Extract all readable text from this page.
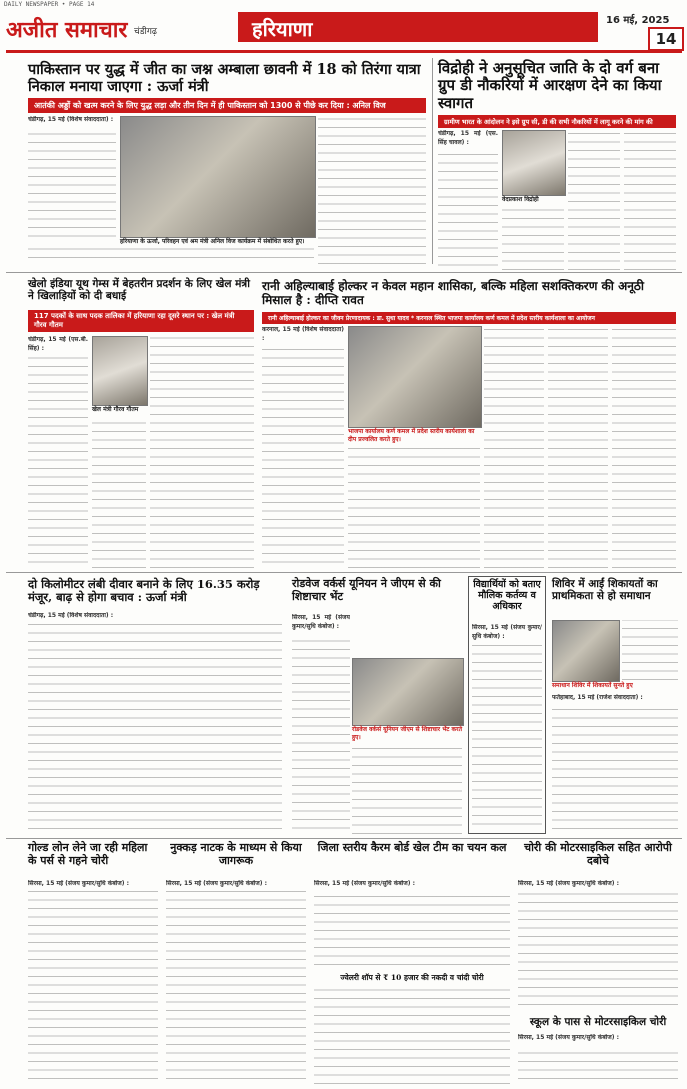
DAILY NEWSPAPER • PAGE 14
अजीत समाचार चंडीगढ़	हरियाणा	16 मई, 2025
14
पाकिस्तान पर युद्ध में जीत का जश्न अम्बाला छावनी में 18 को तिरंगा यात्रा निकाल मनाया जाएगा : ऊर्जा मंत्री
आतंकी अड्डों को खत्म करने के लिए युद्ध लड़ा और तीन दिन में ही पाकिस्तान को 1300 से पीछे कर दिया : अनिल विज
चंडीगढ़, 15 मई (विशेष संवाददाता) :
हरियाणा के ऊर्जा, परिवहन एवं श्रम मंत्री अनिल विज कार्यक्रम में संबोधित करते हुए।
विद्रोही ने अनुसूचित जाति के दो वर्ग बना ग्रुप डी नौकरियों में आरक्षण देने का किया स्वागत
ग्रामीण भारत के आंदोलन ने इसे ग्रुप सी, डी की सभी नौकरियों में लागू करने की मांग की
चंडीगढ़, 15 मई (एस. सिंह चावल) :
वेदप्रकाश विद्रोही
खेलो इंडिया यूथ गेम्स में बेहतरीन प्रदर्शन के लिए खेल मंत्री ने खिलाड़ियों को दी बधाई
117 पदकों के साथ पदक तालिका में हरियाणा रहा दूसरे स्थान पर : खेल मंत्री गौरव गौतम
चंडीगढ़, 15 मई (एस.बी. सिंह) :
खेल मंत्री गौरव गौतम
रानी अहिल्याबाई होल्कर न केवल महान शासिका, बल्कि महिला सशक्तिकरण की अनूठी मिसाल है : दीप्ति रावत
रानी अहिल्याबाई होल्कर का जीवन प्रेरणादायक : डा. सुधा यादव * करनाल स्थित भाजपा कार्यालय कर्ण कमल में प्रदेश स्तरीय कार्यशाला का आयोजन
करनाल, 15 मई (विशेष संवाददाता) :
भाजपा कार्यालय कर्ण कमल में प्रदेश स्तरीय कार्यशाला का दीप प्रज्वलित करते हुए।
दो किलोमीटर लंबी दीवार बनाने के लिए 16.35 करोड़ मंजूर, बाढ़ से होगा बचाव : ऊर्जा मंत्री
चंडीगढ़, 15 मई (विशेष संवाददाता) :
रोडवेज वर्कर्स यूनियन ने जीएम से की शिष्टाचार भेंट
सिरसा, 15 मई (संजय कुमार/सुधि कंबोज) :
रोडवेज वर्कर्स यूनियन जीएम से शिष्टाचार भेंट करते हुए।
विद्यार्थियों को बताए मौलिक कर्तव्य व अधिकार
सिरसा, 15 मई (संजय कुमार/सुधि कंबोज) :
शिविर में आईं शिकायतों का प्राथमिकता से हो समाधान
समाधान शिविर में शिकायतें सुनते हुए
फतेहाबाद, 15 मई (राजेश संवाददाता) :
गोल्ड लोन लेने जा रही महिला के पर्स से गहने चोरी
सिरसा, 15 मई (संजय कुमार/सुधि कंबोज) :
नुक्कड़ नाटक के माध्यम से किया जागरूक
सिरसा, 15 मई (संजय कुमार/सुधि कंबोज) :
जिला स्तरीय कैरम बोर्ड खेल टीम का चयन कल
सिरसा, 15 मई (संजय कुमार/सुधि कंबोज) :
ज्वेलरी शॉप से ₹ 10 हजार की नकदी व चांदी चोरी
चोरी की मोटरसाइकिल सहित आरोपी दबोचे
सिरसा, 15 मई (संजय कुमार/सुधि कंबोज) :
स्कूल के पास से मोटरसाइकिल चोरी
सिरसा, 15 मई (संजय कुमार/सुधि कंबोज) :
